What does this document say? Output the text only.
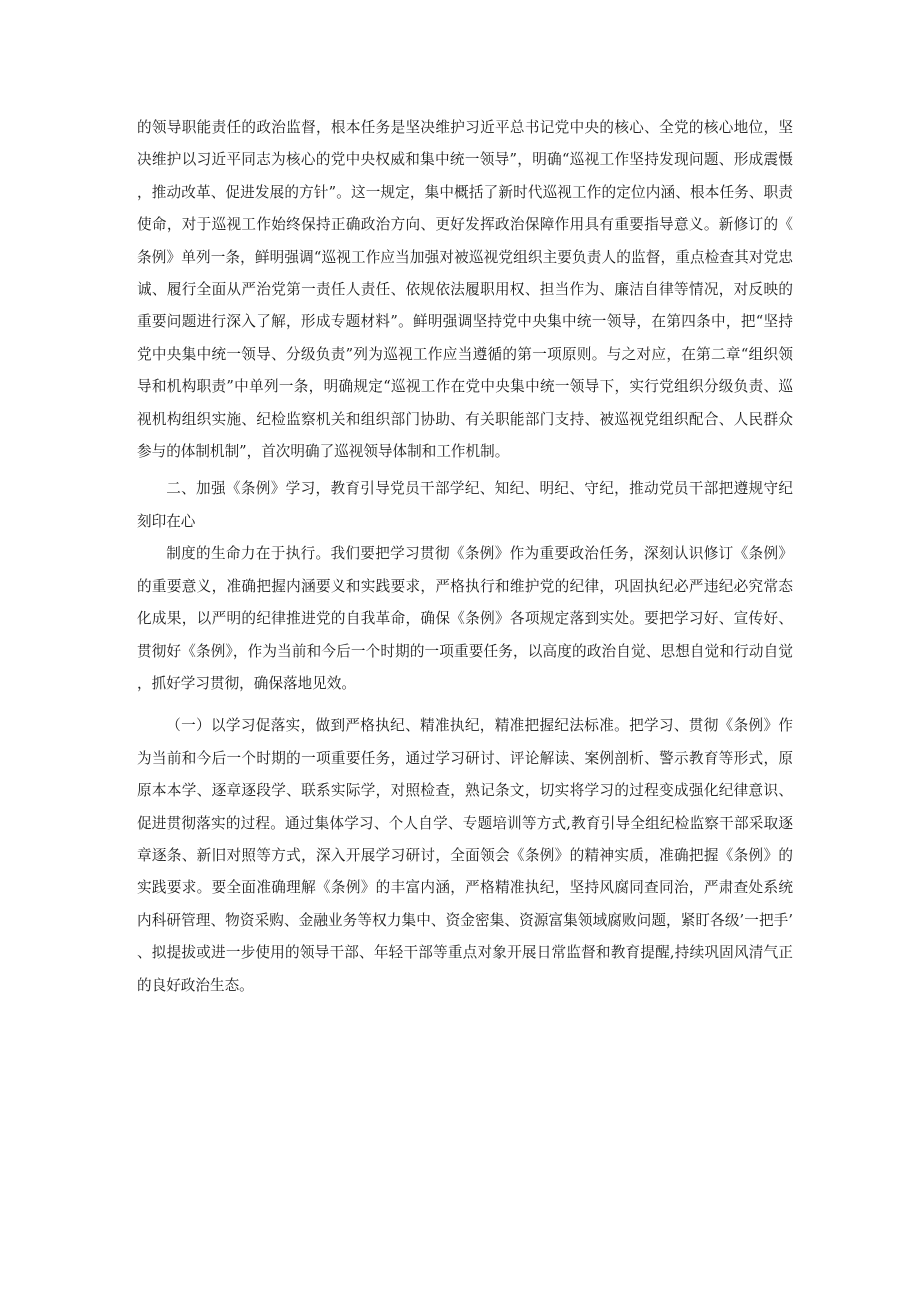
的领导职能责任的政治监督，根本任务是坚决维护习近平总书记党中央的核心、全党的核心地位，坚决维护以习近平同志为核心的党中央权威和集中统一领导”，明确“巡视工作坚持发现问题、形成震慑，推动改革、促进发展的方针”。这一规定，集中概括了新时代巡视工作的定位内涵、根本任务、职责使命，对于巡视工作始终保持正确政治方向、更好发挥政治保障作用具有重要指导意义。新修订的《条例》单列一条，鲜明强调“巡视工作应当加强对被巡视党组织主要负责人的监督，重点检查其对党忠诚、履行全面从严治党第一责任人责任、依规依法履职用权、担当作为、廉洁自律等情况，对反映的重要问题进行深入了解，形成专题材料”。鲜明强调坚持党中央集中统一领导，在第四条中，把“坚持党中央集中统一领导、分级负责”列为巡视工作应当遵循的第一项原则。与之对应，在第二章“组织领导和机构职责”中单列一条，明确规定“巡视工作在党中央集中统一领导下，实行党组织分级负责、巡视机构组织实施、纪检监察机关和组织部门协助、有关职能部门支持、被巡视党组织配合、人民群众参与的体制机制”，首次明确了巡视领导体制和工作机制。

二、加强《条例》学习，教育引导党员干部学纪、知纪、明纪、守纪，推动党员干部把遵规守纪刻印在心

制度的生命力在于执行。我们要把学习贯彻《条例》作为重要政治任务，深刻认识修订《条例》的重要意义，准确把握内涵要义和实践要求，严格执行和维护党的纪律，巩固执纪必严违纪必究常态化成果，以严明的纪律推进党的自我革命，确保《条例》各项规定落到实处。要把学习好、宣传好、贯彻好《条例》，作为当前和今后一个时期的一项重要任务，以高度的政治自觉、思想自觉和行动自觉，抓好学习贯彻，确保落地见效。

（一）以学习促落实，做到严格执纪、精准执纪，精准把握纪法标准。把学习、贯彻《条例》作为当前和今后一个时期的一项重要任务，通过学习研讨、评论解读、案例剖析、警示教育等形式，原原本本学、逐章逐段学、联系实际学，对照检查，熟记条文，切实将学习的过程变成强化纪律意识、促进贯彻落实的过程。通过集体学习、个人自学、专题培训等方式,教育引导全组纪检监察干部采取逐章逐条、新旧对照等方式，深入开展学习研讨，全面领会《条例》的精神实质，准确把握《条例》的实践要求。要全面准确理解《条例》的丰富内涵，严格精准执纪，坚持风腐同查同治，严肃查处系统内科研管理、物资采购、金融业务等权力集中、资金密集、资源富集领域腐败问题，紧盯各级’一把手’、拟提拔或进一步使用的领导干部、年轻干部等重点对象开展日常监督和教育提醒,持续巩固风清气正的良好政治生态。
